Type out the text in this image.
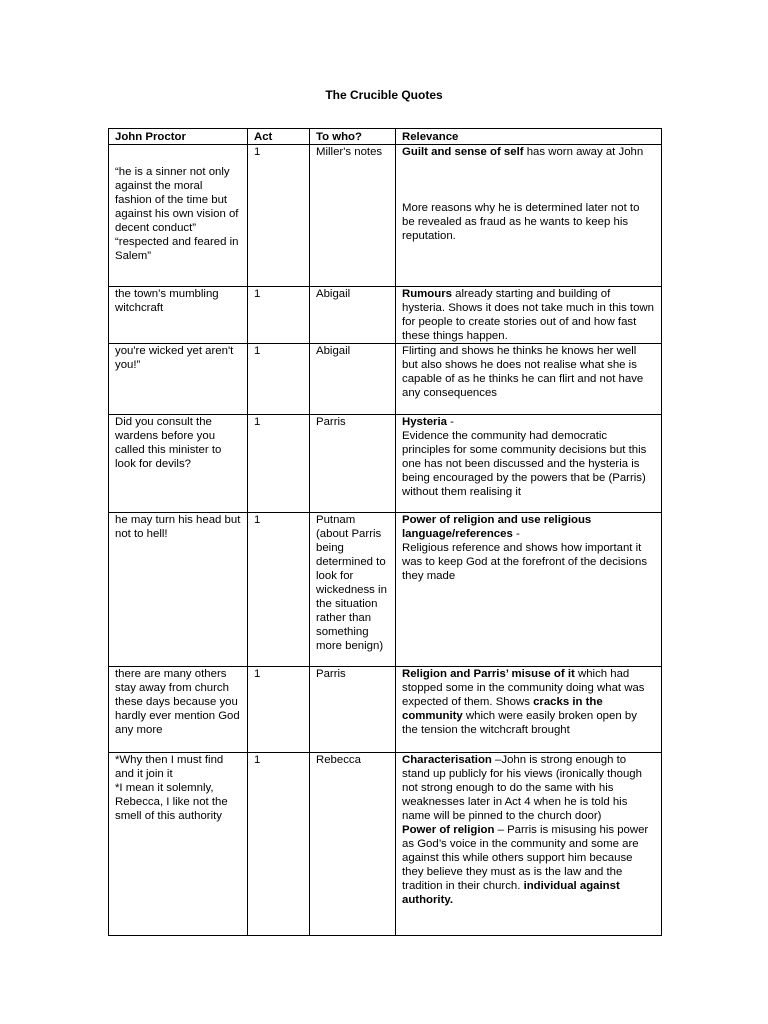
The Crucible Quotes
John Proctor	Act	To who?	Relevance
“he is a sinner not only against the moral fashion of the time but against his own vision of decent conduct” “respected and feared in Salem”	1	Miller's notes	Guilt and sense of self has worn away at John
More reasons why he is determined later not to be revealed as fraud as he wants to keep his reputation.
the town’s mumbling witchcraft	1	Abigail	Rumours already starting and building of hysteria. Shows it does not take much in this town for people to create stories out of and how fast these things happen.
you're wicked yet aren't you!”	1	Abigail	Flirting and shows he thinks he knows her well but also shows he does not realise what she is capable of as he thinks he can flirt and not have any consequences
Did you consult the wardens before you called this minister to look for devils?	1	Parris	Hysteria -
Evidence the community had democratic principles for some community decisions but this one has not been discussed and the hysteria is being encouraged by the powers that be (Parris) without them realising it

he may turn his head but not to hell!	1	Putnam (about Parris being determined to look for wickedness in the situation rather than something more benign)	Power of religion and use religious language/references -
Religious reference and shows how important it was to keep God at the forefront of the decisions they made

there are many others stay away from church these days because you hardly ever mention God any more	1	Parris	Religion and Parris’ misuse of it which had stopped some in the community doing what was expected of them. Shows cracks in the community which were easily broken open by the tension the witchcraft brought

*Why then I must find and it join it
*I mean it solemnly, Rebecca, I like not the smell of this authority	1	Rebecca	Characterisation –John is strong enough to stand up publicly for his views (ironically though not strong enough to do the same with his weaknesses later in Act 4 when he is told his name will be pinned to the church door)
Power of religion – Parris is misusing his power as God’s voice in the community and some are against this while others support him because they believe they must as is the law and the tradition in their church. individual against authority.
